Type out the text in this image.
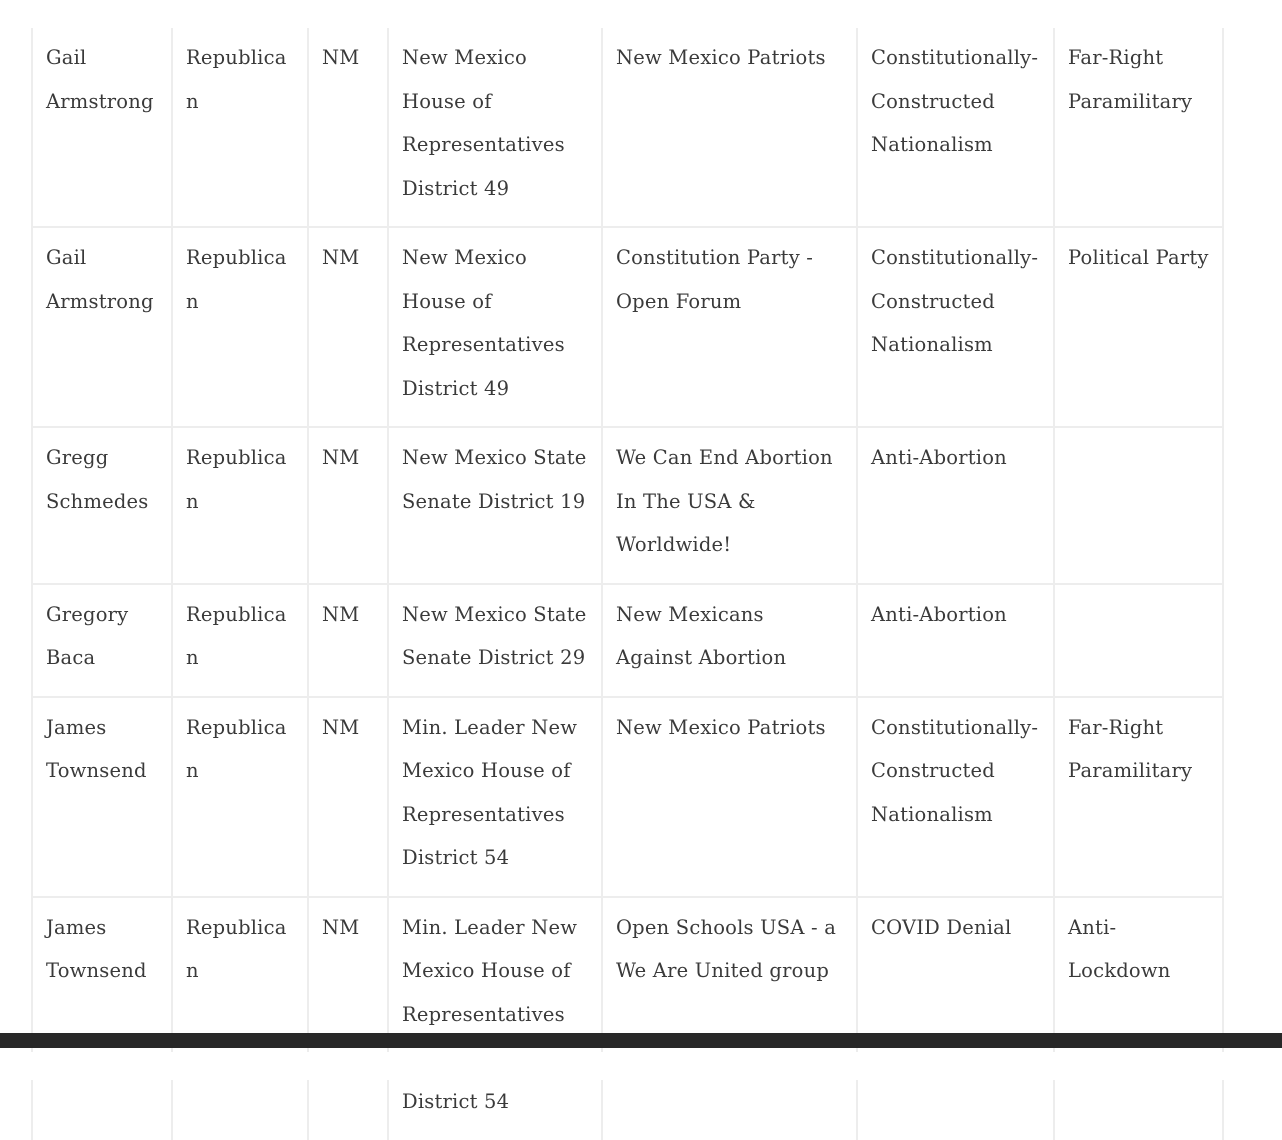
Gail Armstrong	Republican	NM	New Mexico House of Representatives District 49	New Mexico Patriots	Constitutionally-Constructed Nationalism	Far-Right Paramilitary
Gail Armstrong	Republican	NM	New Mexico House of Representatives District 49	Constitution Party - Open Forum	Constitutionally-Constructed Nationalism	Political Party
Gregg Schmedes	Republican	NM	New Mexico State Senate District 19	We Can End Abortion In The USA & Worldwide!	Anti-Abortion	
Gregory Baca	Republican	NM	New Mexico State Senate District 29	New Mexicans Against Abortion	Anti-Abortion	
James Townsend	Republican	NM	Min. Leader New Mexico House of Representatives District 54	New Mexico Patriots	Constitutionally-Constructed Nationalism	Far-Right Paramilitary
James Townsend	Republican	NM	Min. Leader New Mexico House of Representatives	Open Schools USA - a We Are United group	COVID Denial	Anti-Lockdown
			District 54			
